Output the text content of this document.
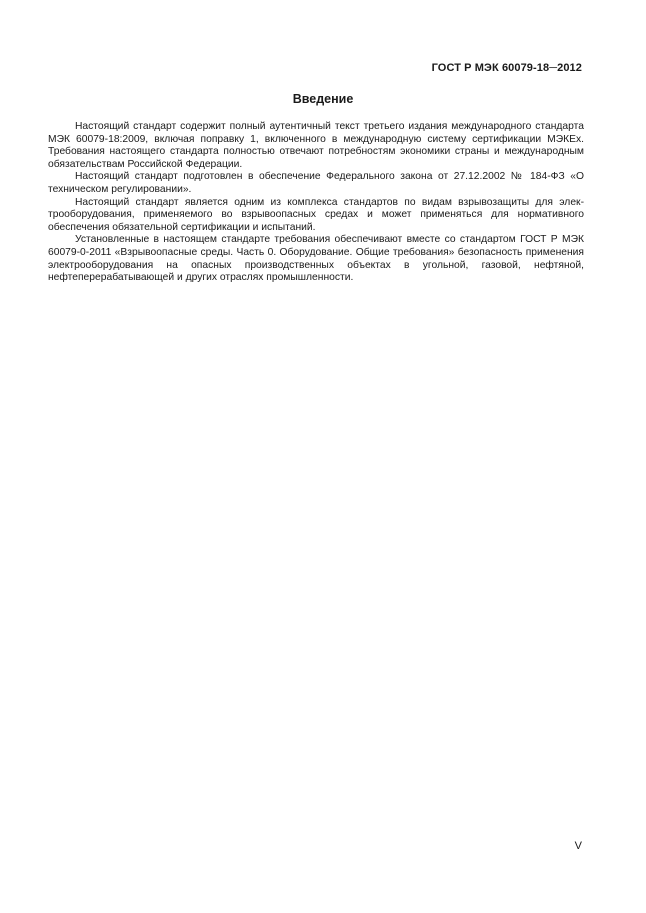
ГОСТ Р МЭК 60079-18─2012
Введение

Настоящий стандарт содержит полный аутентичный текст третьего издания международного стандарта МЭК 60079-18:2009, включая поправку 1, включенного в международную систему сертификации МЭКЕх. Требования настоящего стандарта полностью отвечают потребностям экономики страны и международным обязательствам Российской Федерации.

Настоящий стандарт подготовлен в обеспечение Федерального закона от 27.12.2002 № 184-ФЗ «О техническом регулировании».

Настоящий стандарт является одним из комплекса стандартов по видам взрывозащиты для электрооборудования, применяемого во взрывоопасных средах и может применяться для нормативного обеспечения обязательной сертификации и испытаний.

Установленные в настоящем стандарте требования обеспечивают вместе со стандартом ГОСТ Р МЭК 60079-0-2011 «Взрывоопасные среды. Часть 0. Оборудование. Общие требования» безопасность применения электрооборудования на опасных производственных объектах в угольной, газовой, нефтяной, нефтеперерабатывающей и других отраслях промышленности.

V
